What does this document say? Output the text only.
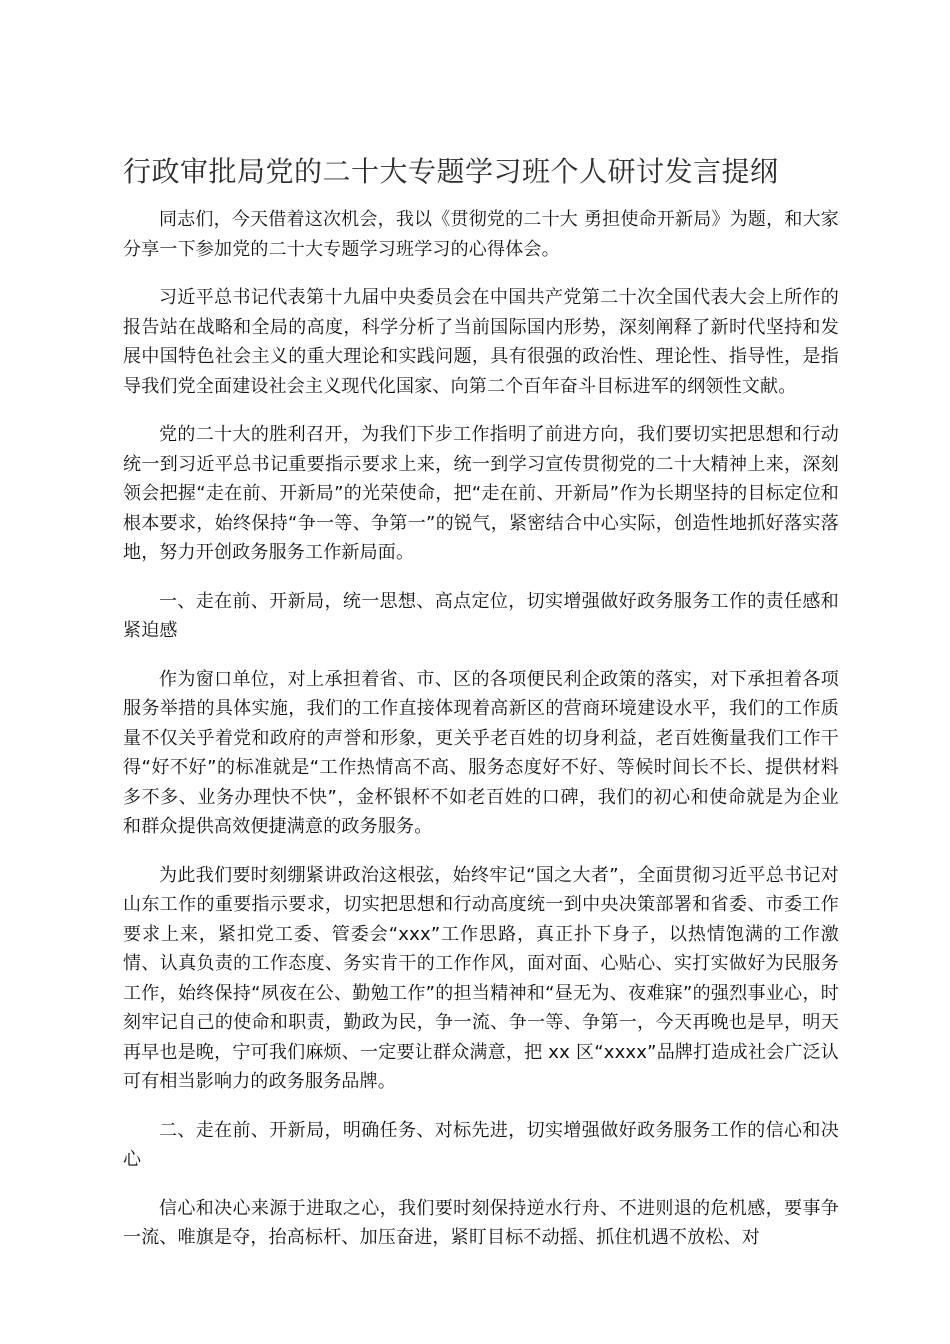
行政审批局党的二十大专题学习班个人研讨发言提纲

同志们，今天借着这次机会，我以《贯彻党的二十大 勇担使命开新局》为题，和大家分享一下参加党的二十大专题学习班学习的心得体会。

习近平总书记代表第十九届中央委员会在中国共产党第二十次全国代表大会上所作的报告站在战略和全局的高度，科学分析了当前国际国内形势，深刻阐释了新时代坚持和发展中国特色社会主义的重大理论和实践问题，具有很强的政治性、理论性、指导性，是指导我们党全面建设社会主义现代化国家、向第二个百年奋斗目标进军的纲领性文献。

党的二十大的胜利召开，为我们下步工作指明了前进方向，我们要切实把思想和行动统一到习近平总书记重要指示要求上来，统一到学习宣传贯彻党的二十大精神上来，深刻领会把握“走在前、开新局”的光荣使命，把“走在前、开新局”作为长期坚持的目标定位和根本要求，始终保持“争一等、争第一”的锐气，紧密结合中心实际，创造性地抓好落实落地，努力开创政务服务工作新局面。

一、走在前、开新局，统一思想、高点定位，切实增强做好政务服务工作的责任感和紧迫感

作为窗口单位，对上承担着省、市、区的各项便民利企政策的落实，对下承担着各项服务举措的具体实施，我们的工作直接体现着高新区的营商环境建设水平，我们的工作质量不仅关乎着党和政府的声誉和形象，更关乎老百姓的切身利益，老百姓衡量我们工作干得“好不好”的标准就是“工作热情高不高、服务态度好不好、等候时间长不长、提供材料多不多、业务办理快不快”，金杯银杯不如老百姓的口碑，我们的初心和使命就是为企业和群众提供高效便捷满意的政务服务。

为此我们要时刻绷紧讲政治这根弦，始终牢记“国之大者”，全面贯彻习近平总书记对山东工作的重要指示要求，切实把思想和行动高度统一到中央决策部署和省委、市委工作要求上来，紧扣党工委、管委会“xxx”工作思路，真正扑下身子，以热情饱满的工作激情、认真负责的工作态度、务实肯干的工作作风，面对面、心贴心、实打实做好为民服务工作，始终保持“夙夜在公、勤勉工作”的担当精神和“昼无为、夜难寐”的强烈事业心，时刻牢记自己的使命和职责，勤政为民，争一流、争一等、争第一，今天再晚也是早，明天再早也是晚，宁可我们麻烦、一定要让群众满意，把 xx 区“xxxx”品牌打造成社会广泛认可有相当影响力的政务服务品牌。

二、走在前、开新局，明确任务、对标先进，切实增强做好政务服务工作的信心和决心

信心和决心来源于进取之心，我们要时刻保持逆水行舟、不进则退的危机感，要事争一流、唯旗是夺，抬高标杆、加压奋进，紧盯目标不动摇、抓住机遇不放松、对
